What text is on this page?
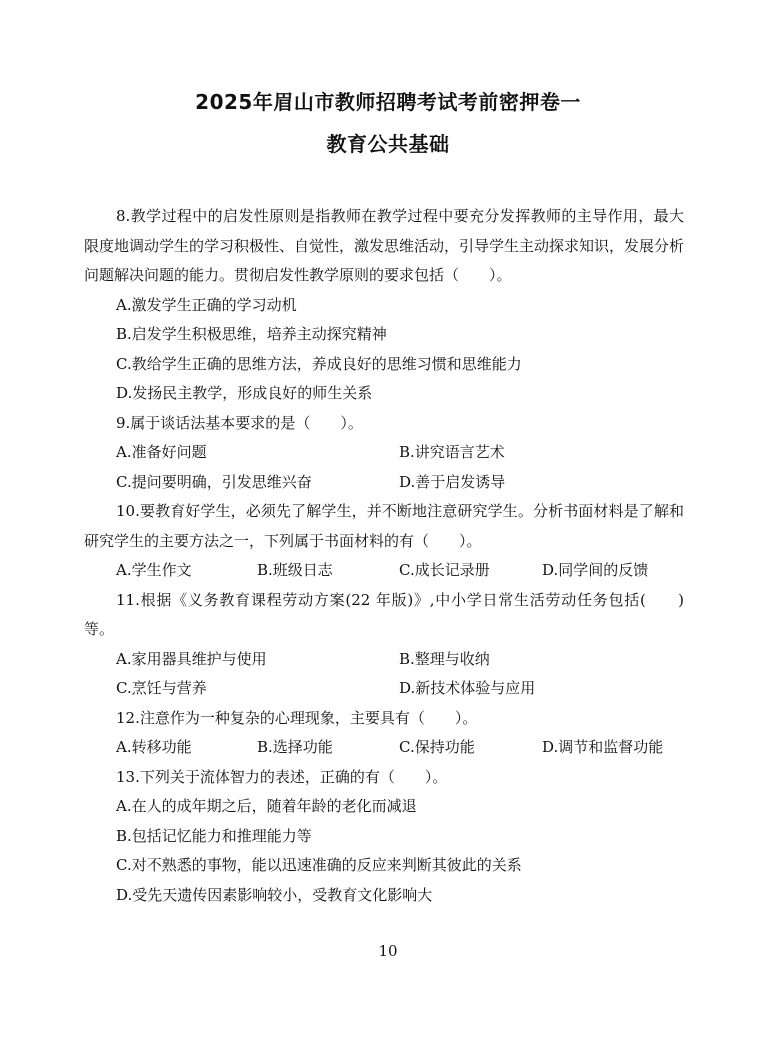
2025年眉山市教师招聘考试考前密押卷一
教育公共基础

8.教学过程中的启发性原则是指教师在教学过程中要充分发挥教师的主导作用，最大限度地调动学生的学习积极性、自觉性，激发思维活动，引导学生主动探求知识，发展分析问题解决问题的能力。贯彻启发性教学原则的要求包括（　　）。

A.激发学生正确的学习动机
B.启发学生积极思维，培养主动探究精神
C.教给学生正确的思维方法，养成良好的思维习惯和思维能力
D.发扬民主教学，形成良好的师生关系

9.属于谈话法基本要求的是（　　）。

A.准备好问题	B.讲究语言艺术
C.提问要明确，引发思维兴奋	D.善于启发诱导

10.要教育好学生，必须先了解学生，并不断地注意研究学生。分析书面材料是了解和研究学生的主要方法之一，下列属于书面材料的有（　　）。

A.学生作文	B.班级日志	C.成长记录册	D.同学间的反馈

11.根据《义务教育课程劳动方案(22 年版)》,中小学日常生活劳动任务包括(　　)等。

A.家用器具维护与使用	B.整理与收纳
C.烹饪与营养	D.新技术体验与应用

12.注意作为一种复杂的心理现象，主要具有（　　）。

A.转移功能	B.选择功能	C.保持功能	D.调节和监督功能

13.下列关于流体智力的表述，正确的有（　　）。

A.在人的成年期之后，随着年龄的老化而减退
B.包括记忆能力和推理能力等
C.对不熟悉的事物，能以迅速准确的反应来判断其彼此的关系
D.受先天遗传因素影响较小，受教育文化影响大
10
